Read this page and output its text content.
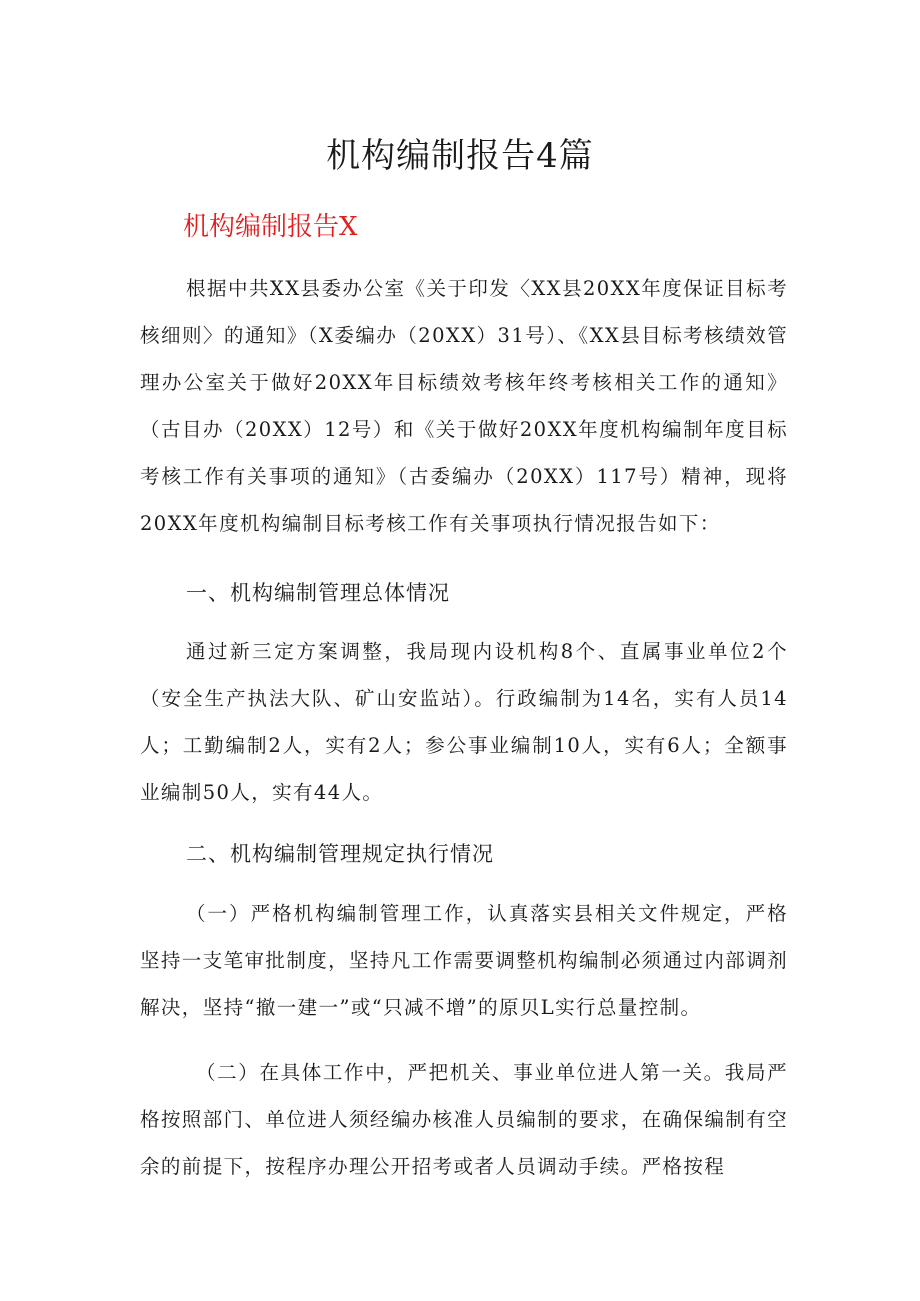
机构编制报告4篇
机构编制报告X

根据中共XX县委办公室《关于印发〈XX县20XX年度保证目标考核细则〉的通知》（X委编办（20XX）31号）、《XX县目标考核绩效管理办公室关于做好20XX年目标绩效考核年终考核相关工作的通知》（古目办（20XX）12号）和《关于做好20XX年度机构编制年度目标考核工作有关事项的通知》（古委编办（20XX）117号）精神，现将20XX年度机构编制目标考核工作有关事项执行情况报告如下：

一、机构编制管理总体情况

通过新三定方案调整，我局现内设机构8个、直属事业单位2个（安全生产执法大队、矿山安监站）。行政编制为14名，实有人员14人；工勤编制2人，实有2人；参公事业编制10人，实有6人；全额事业编制50人，实有44人。

二、机构编制管理规定执行情况

（一）严格机构编制管理工作，认真落实县相关文件规定，严格坚持一支笔审批制度，坚持凡工作需要调整机构编制必须通过内部调剂解决，坚持“撤一建一”或“只减不增”的原贝L实行总量控制。

（二）在具体工作中，严把机关、事业单位进人第一关。我局严格按照部门、单位进人须经编办核准人员编制的要求，在确保编制有空余的前提下，按程序办理公开招考或者人员调动手续。严格按程
